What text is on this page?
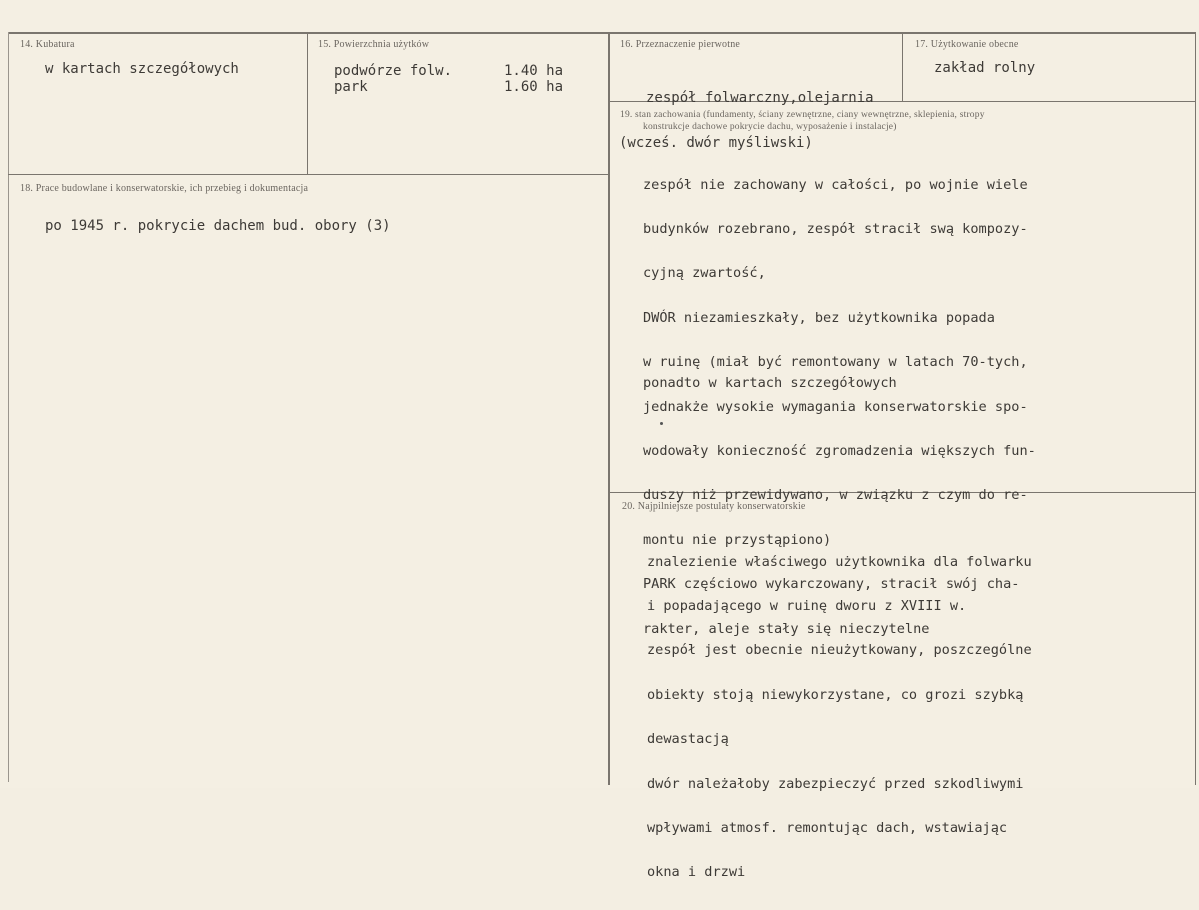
14. Kubatura
w kartach szczegółowych
15. Powierzchnia użytków
podwórze folw.	1.40 ha
park	1.60 ha
16. Przeznaczenie pierwotne

zespół folwarczny,olejarnia

(wcześ. dwór myśliwski)

17. Użytkowanie obecne
zakład rolny
18. Prace budowlane i konserwatorskie, ich przebieg i dokumentacja
po 1945 r. pokrycie dachem bud. obory (3)
19. stan zachowania (fundamenty, ściany zewnętrzne, ciany wewnętrzne, sklepienia, stropy
konstrukcje dachowe pokrycie dachu, wyposażenie i instalacje)

zespół nie zachowany w całości, po wojnie wiele

budynków rozebrano, zespół stracił swą kompozy-

cyjną zwartość,

DWÓR niezamieszkały, bez użytkownika popada

w ruinę (miał być remontowany w latach 70-tych,

jednakże wysokie wymagania konserwatorskie spo-

wodowały konieczność zgromadzenia większych fun-

duszy niż przewidywano, w związku z czym do re-

montu nie przystąpiono)

PARK częściowo wykarczowany, stracił swój cha-

rakter, aleje stały się nieczytelne

ponadto w kartach szczegółowych
20. Najpilniejsze postulaty konserwatorskie

znalezienie właściwego użytkownika dla folwarku

i popadającego w ruinę dworu z XVIII w.

zespół jest obecnie nieużytkowany, poszczególne

obiekty stoją niewykorzystane, co grozi szybką

dewastacją

dwór należałoby zabezpieczyć przed szkodliwymi

wpływami atmosf. remontując dach, wstawiając

okna i drzwi
